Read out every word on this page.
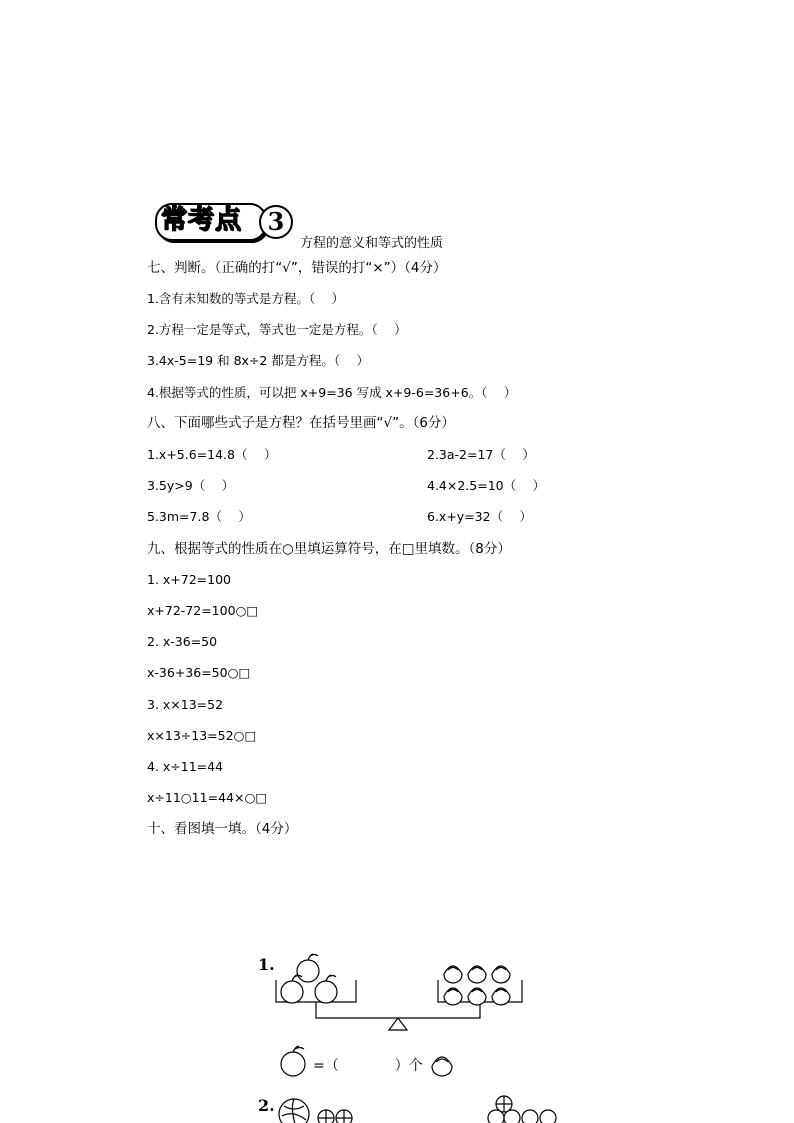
常考点	3
方程的意义和等式的性质
七、判断。（正确的打“√”，错误的打“×”）（4分）
1.含有未知数的等式是方程。（　 ）
2.方程一定是等式，等式也一定是方程。（　 ）
3.4x-5=19 和 8x÷2 都是方程。（　 ）
4.根据等式的性质，可以把 x+9=36 写成 x+9-6=36+6。（　 ）
八、下面哪些式子是方程？在括号里画“√”。（6分）
1.x+5.6=14.8（　 ）	2.3a-2=17（　 ）
3.5y>9（　 ）	4.4×2.5=10（　 ）
5.3m=7.8（　 ）	6.x+y=32（　 ）
九、根据等式的性质在○里填运算符号，在□里填数。（8分）
1. x+72=100
x+72-72=100○□
2. x-36=50
x-36+36=50○□
3. x×13=52
x×13÷13=52○□
4. x÷11=44
x÷11○11=44×○□
十、看图填一填。（4分）
1.
=（　　　　）个
2.
